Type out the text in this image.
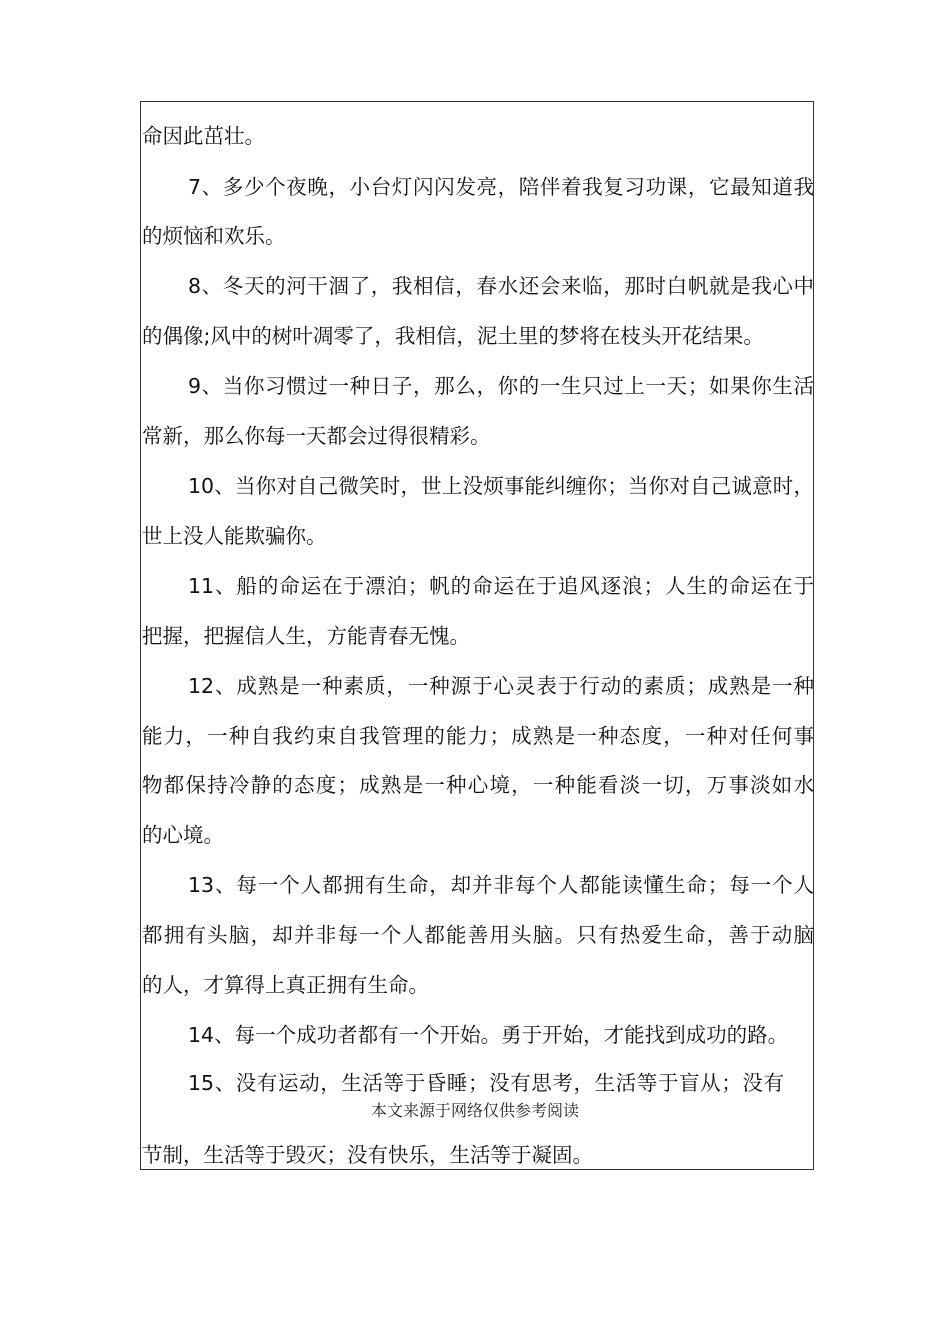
命因此茁壮。
7、多少个夜晚，小台灯闪闪发亮，陪伴着我复习功课，它最知道我
的烦恼和欢乐。
8、冬天的河干涸了，我相信，春水还会来临，那时白帆就是我心中
的偶像;风中的树叶凋零了，我相信，泥土里的梦将在枝头开花结果。
9、当你习惯过一种日子，那么，你的一生只过上一天；如果你生活
常新，那么你每一天都会过得很精彩。
10、当你对自己微笑时，世上没烦事能纠缠你；当你对自己诚意时，
世上没人能欺骗你。
11、船的命运在于漂泊；帆的命运在于追风逐浪；人生的命运在于
把握，把握信人生，方能青春无愧。
12、成熟是一种素质，一种源于心灵表于行动的素质；成熟是一种
能力，一种自我约束自我管理的能力；成熟是一种态度，一种对任何事
物都保持冷静的态度；成熟是一种心境，一种能看淡一切，万事淡如水
的心境。
13、每一个人都拥有生命，却并非每个人都能读懂生命；每一个人
都拥有头脑，却并非每一个人都能善用头脑。只有热爱生命，善于动脑
的人，才算得上真正拥有生命。
14、每一个成功者都有一个开始。勇于开始，才能找到成功的路。
15、没有运动，生活等于昏睡；没有思考，生活等于盲从；没有
本文来源于网络仅供参考阅读
节制，生活等于毁灭；没有快乐，生活等于凝固。
